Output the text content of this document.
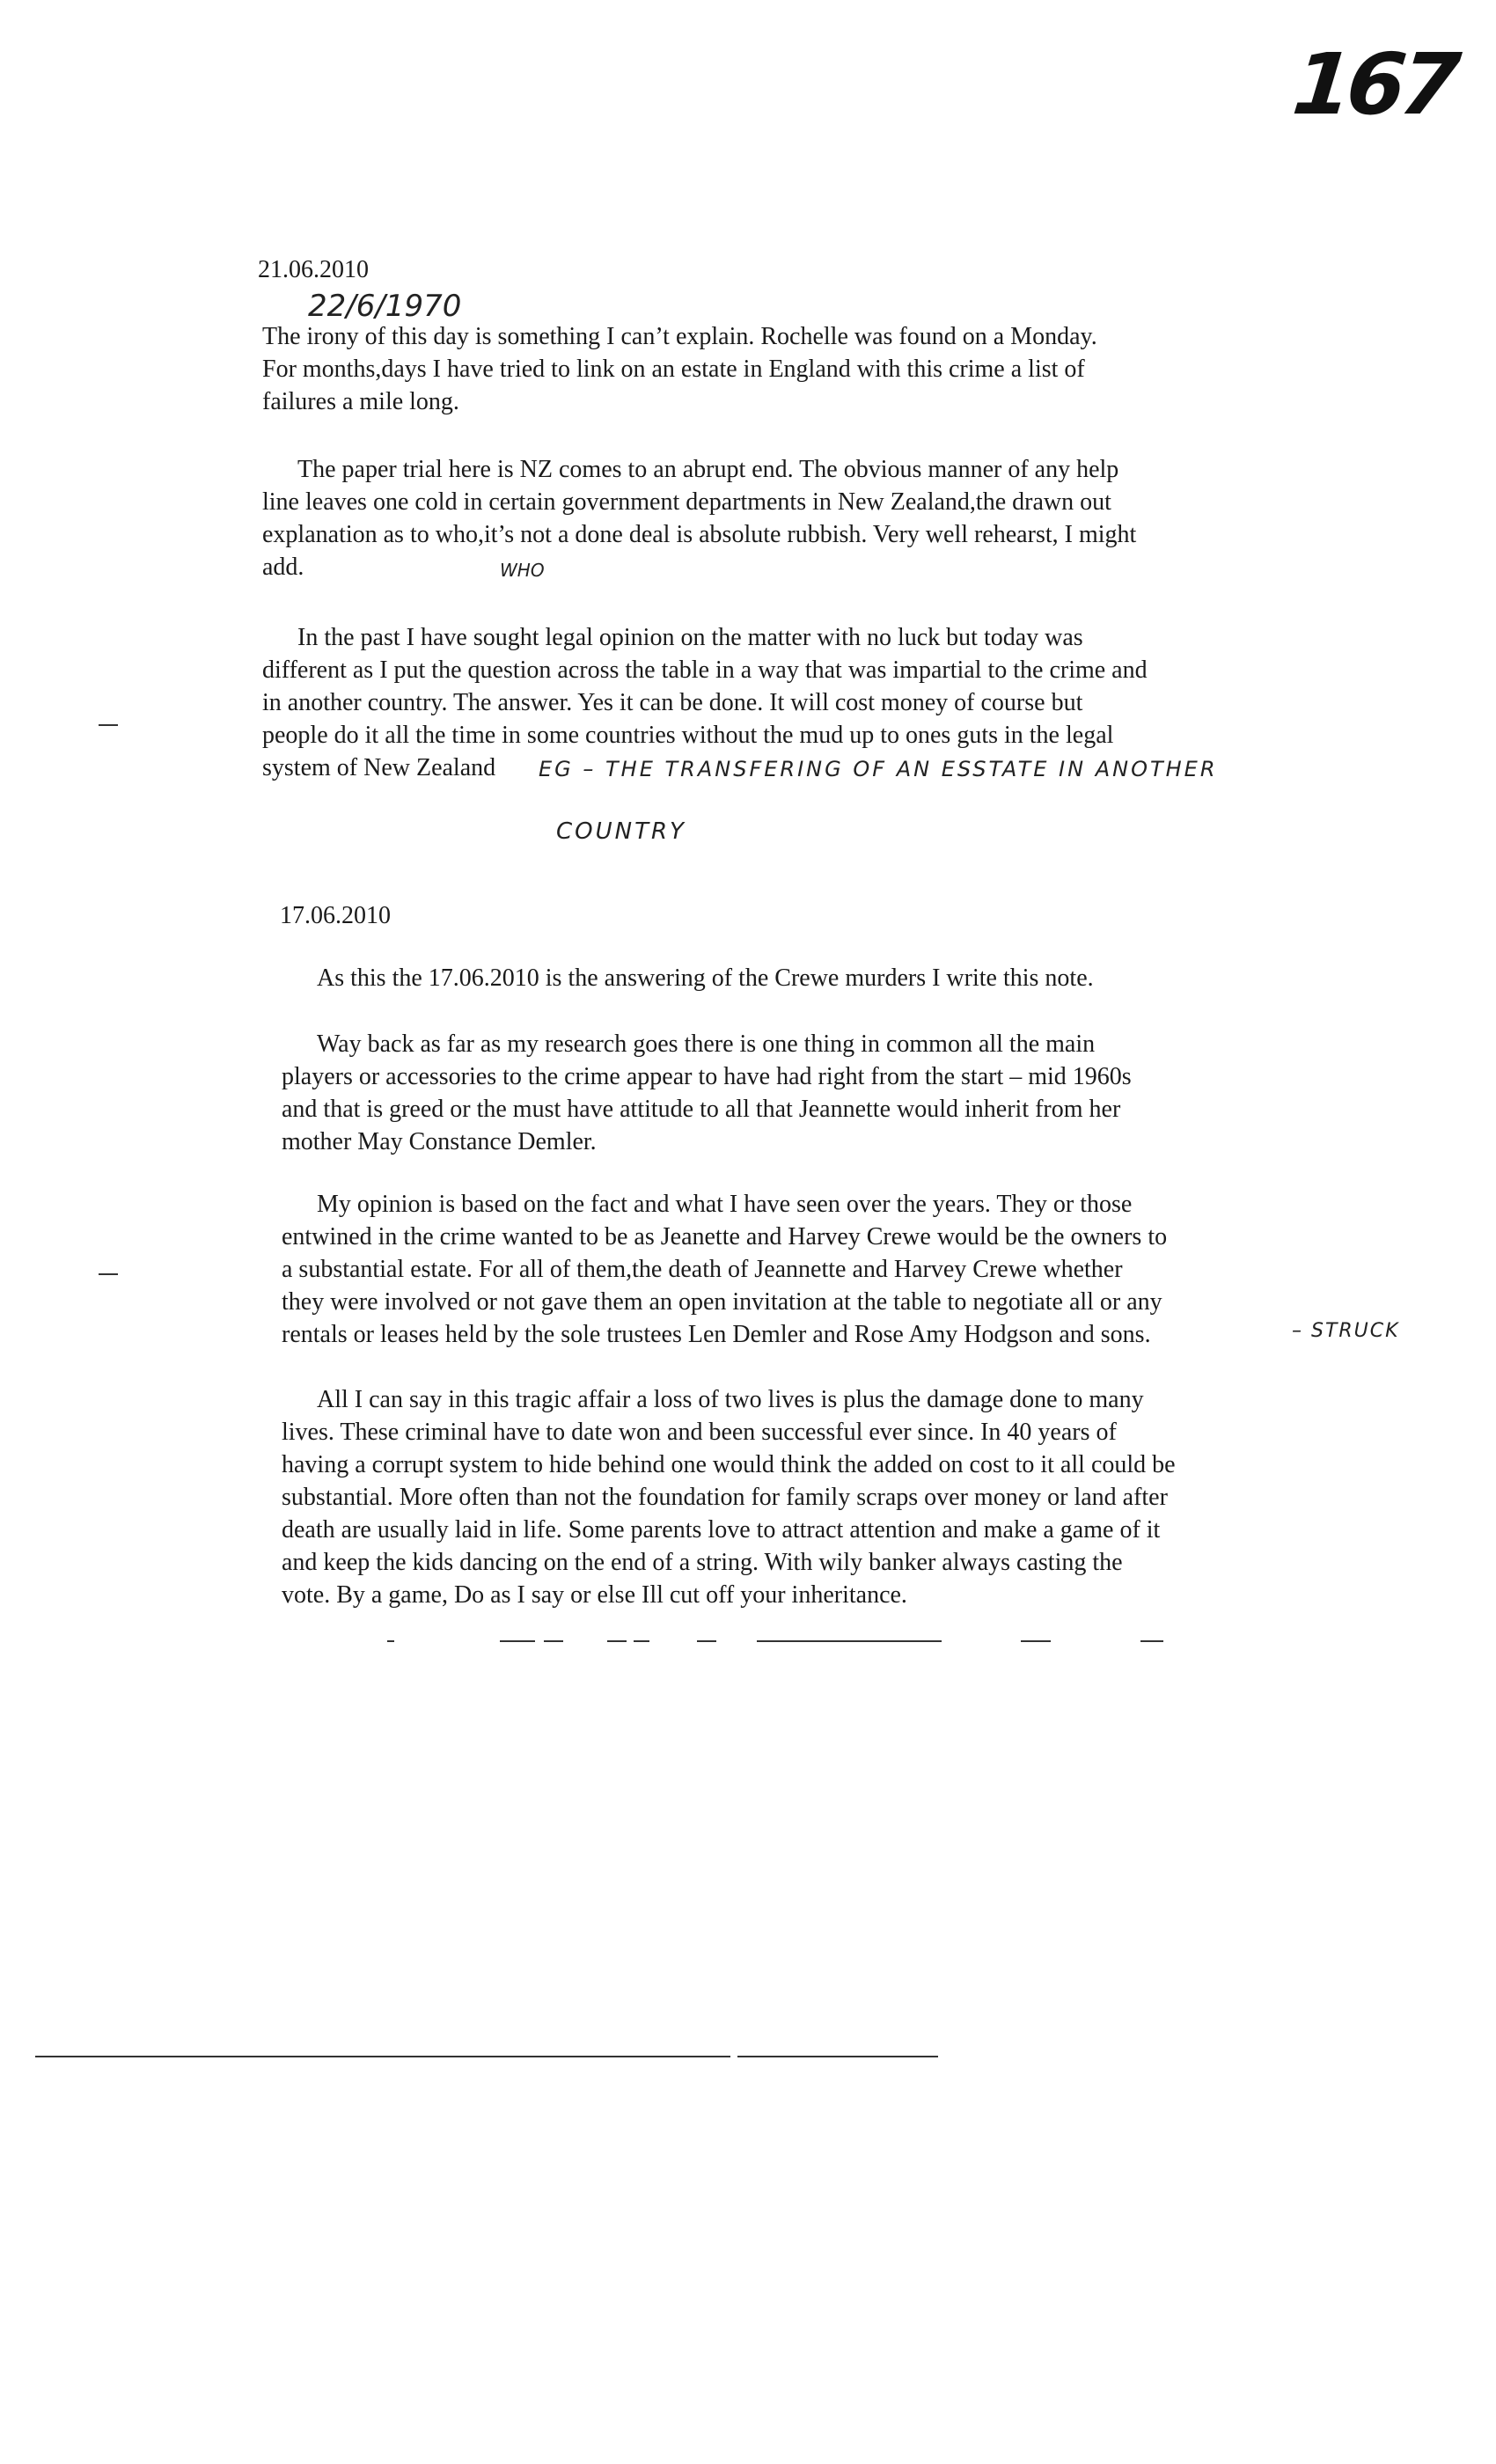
167
21.06.2010
22/6/1970
The irony of this day is something I can’t explain. Rochelle was found on a Monday.
For months,days I have tried to link on an estate in England with this crime a list of
failures a mile long.
The paper trial here is NZ comes to an abrupt end. The obvious manner of any help
line leaves one cold in certain government departments in New Zealand,the drawn out
explanation as to who,it’s not a done deal is absolute rubbish. Very well rehearst, I might
add.	WHO
In the past I have sought legal opinion on the matter with no luck but today was
different as I put the question across the table in a way that was impartial to the crime and
in another country. The answer. Yes it can be done. It will cost money of course but
people do it all the time in some countries without the mud up to ones guts in the legal
system of New Zealand	EG – THE TRANSFERING OF AN ESSTATE IN ANOTHER
COUNTRY
17.06.2010
As this the 17.06.2010 is the answering of the Crewe murders I write this note.
Way back as far as my research goes there is one thing in common all the main
players or accessories to the crime appear to have had right from the start – mid 1960s
and that is greed or the must have attitude to all that Jeannette would inherit from her
mother May Constance Demler.
My opinion is based on the fact and what I have seen over the years. They or those
entwined in the crime wanted to be as Jeanette and Harvey Crewe would be the owners to
a substantial estate. For all of them,the death of Jeannette and Harvey Crewe whether
they were involved or not gave them an open invitation at the table to negotiate all or any
rentals or leases held by the sole trustees Len Demler and Rose Amy Hodgson and sons.	– STRUCK
All I can say in this tragic affair a loss of two lives is plus the damage done to many
lives. These criminal have to date won and been successful ever since. In 40 years of
having a corrupt system to hide behind one would think the added on cost to it all could be
substantial. More often than not the foundation for family scraps over money or land after
death are usually laid in life. Some parents love to attract attention and make a game of it
and keep the kids dancing on the end of a string. With wily banker always casting the
vote. By a game, Do as I say or else Ill cut off your inheritance.
